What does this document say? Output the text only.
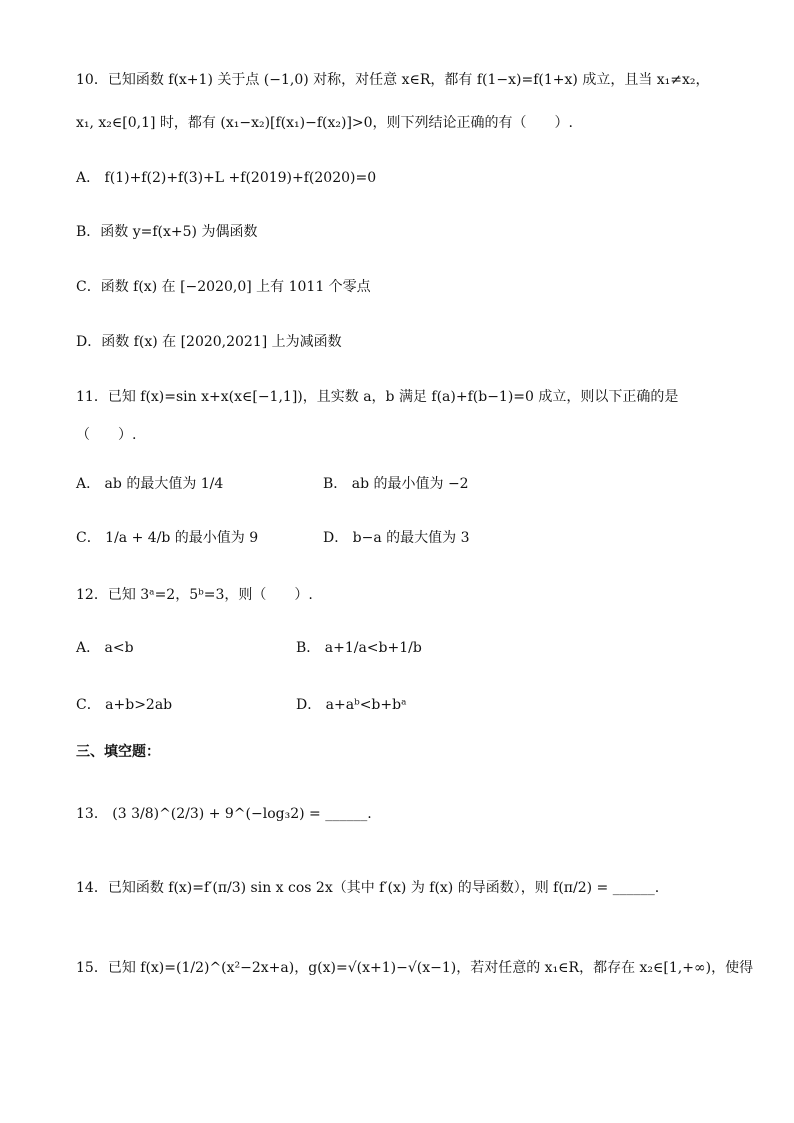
10．已知函数 f(x+1) 关于点 (−1,0) 对称，对任意 x∈R，都有 f(1−x)=f(1+x) 成立，且当 x₁≠x₂，
x₁, x₂∈[0,1] 时，都有 (x₁−x₂)[f(x₁)−f(x₂)]>0，则下列结论正确的有（　　）.
A． f(1)+f(2)+f(3)+L +f(2019)+f(2020)=0
B．函数 y=f(x+5) 为偶函数
C．函数 f(x) 在 [−2020,0] 上有 1011 个零点
D．函数 f(x) 在 [2020,2021] 上为减函数
11．已知 f(x)=sin x+x(x∈[−1,1])，且实数 a，b 满足 f(a)+f(b−1)=0 成立，则以下正确的是
（　　）.
A． ab 的最大值为 1/4	B． ab 的最小值为 −2
C． 1/a + 4/b 的最小值为 9	D． b−a 的最大值为 3
12．已知 3ᵃ=2，5ᵇ=3，则（　　）.
A． a<b	B． a+1/a<b+1/b
C． a+b>2ab	D． a+aᵇ<b+bᵃ
三、填空题：
13． (3 3/8)^(2/3) + 9^(−log₃2) = ______.
14．已知函数 f(x)=f′(π/3) sin x cos 2x（其中 f′(x) 为 f(x) 的导函数），则 f(π/2) = ______.
15．已知 f(x)=(1/2)^(x²−2x+a)，g(x)=√(x+1)−√(x−1)，若对任意的 x₁∈R，都存在 x₂∈[1,+∞)，使得
